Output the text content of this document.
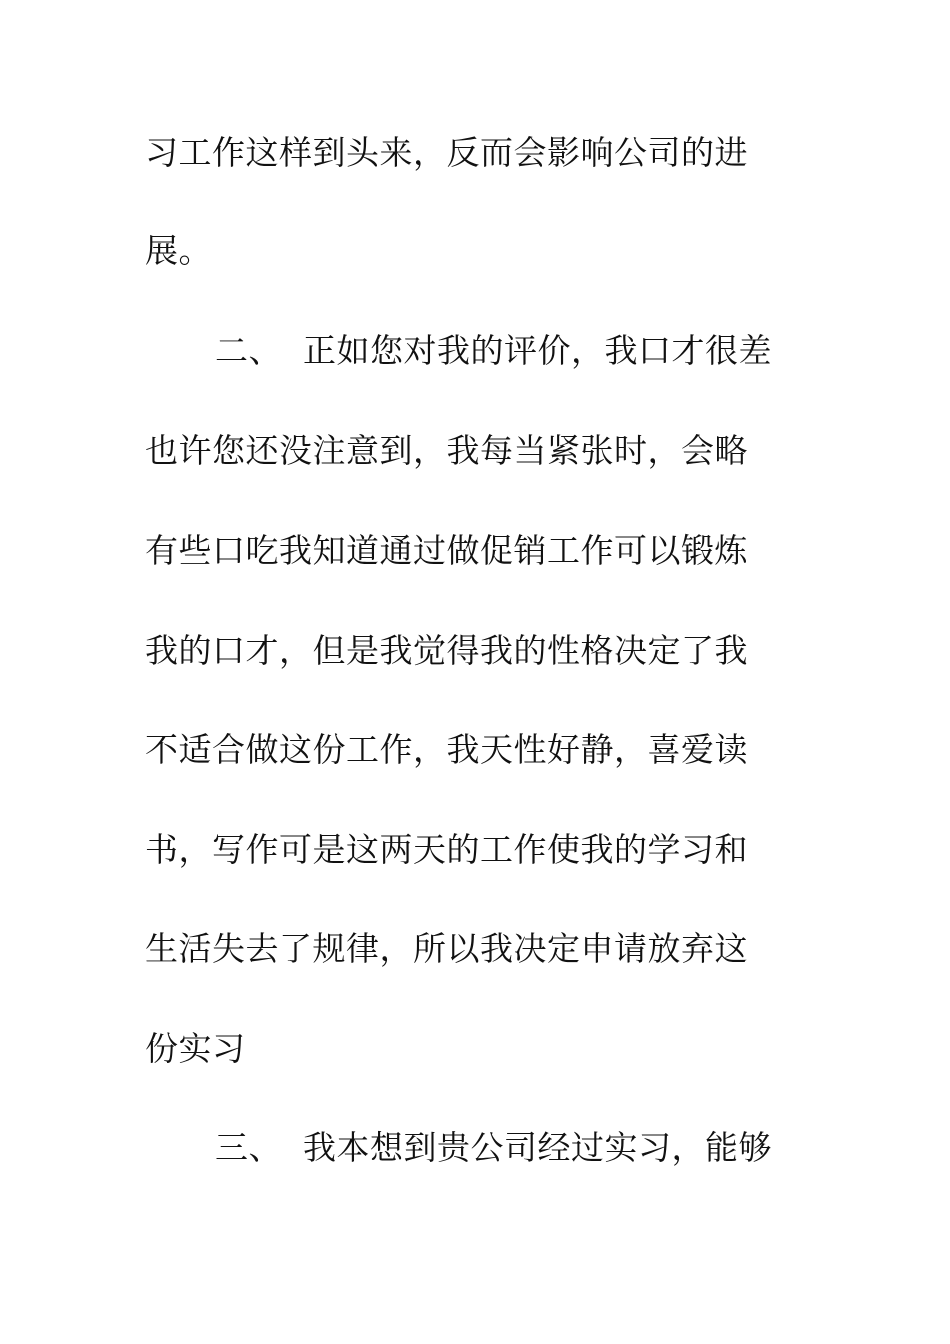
习工作这样到头来，反而会影响公司的进

展。

二、 正如您对我的评价，我口才很差

也许您还没注意到，我每当紧张时，会略

有些口吃我知道通过做促销工作可以锻炼

我的口才，但是我觉得我的性格决定了我

不适合做这份工作，我天性好静，喜爱读

书，写作可是这两天的工作使我的学习和

生活失去了规律，所以我决定申请放弃这

份实习

三、 我本想到贵公司经过实习，能够
